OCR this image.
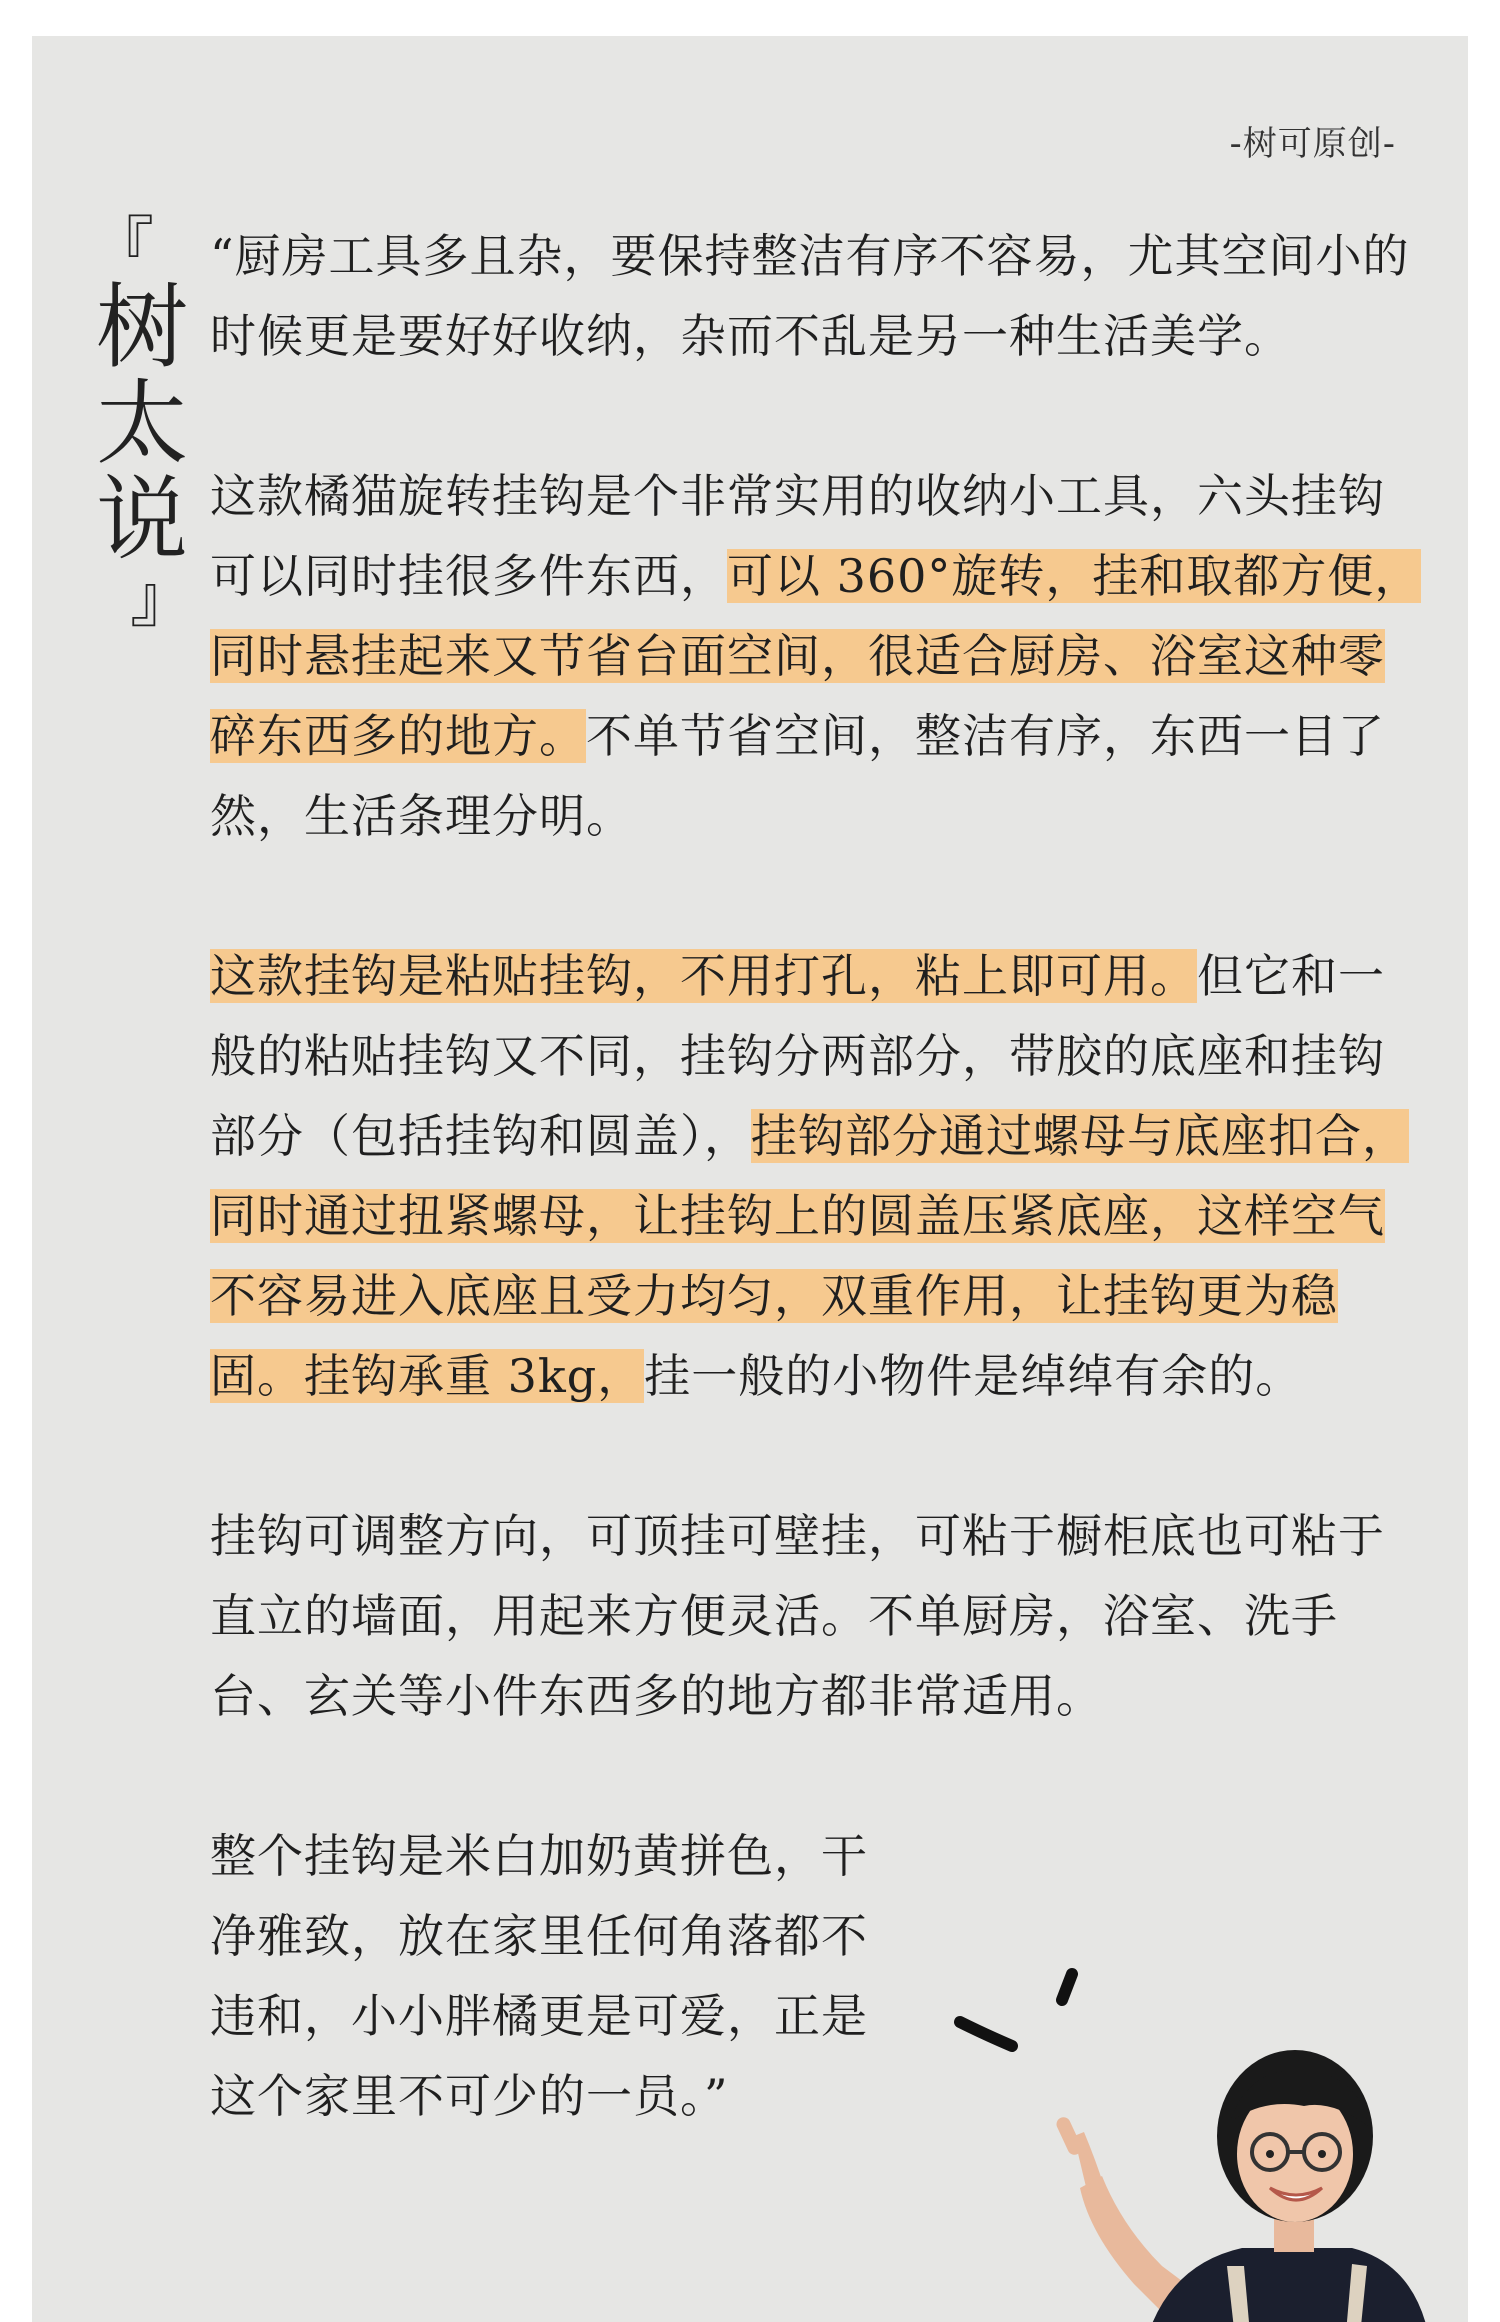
-树可原创-
『
树
太
说
』

“厨房工具多且杂，要保持整洁有序不容易，尤其空间小的时候更是要好好收纳，杂而不乱是另一种生活美学。

这款橘猫旋转挂钩是个非常实用的收纳小工具，六头挂钩可以同时挂很多件东西，可以 360°旋转，挂和取都方便，同时悬挂起来又节省台面空间，很适合厨房、浴室这种零碎东西多的地方。不单节省空间，整洁有序，东西一目了然，生活条理分明。

这款挂钩是粘贴挂钩，不用打孔，粘上即可用。但它和一般的粘贴挂钩又不同，挂钩分两部分，带胶的底座和挂钩部分（包括挂钩和圆盖），挂钩部分通过螺母与底座扣合，同时通过扭紧螺母，让挂钩上的圆盖压紧底座，这样空气不容易进入底座且受力均匀，双重作用，让挂钩更为稳固。挂钩承重 3kg，挂一般的小物件是绰绰有余的。

挂钩可调整方向，可顶挂可壁挂，可粘于橱柜底也可粘于直立的墙面，用起来方便灵活。不单厨房，浴室、洗手台、玄关等小件东西多的地方都非常适用。

整个挂钩是米白加奶黄拼色，干净雅致，放在家里任何角落都不违和，小小胖橘更是可爱，正是这个家里不可少的一员。”
